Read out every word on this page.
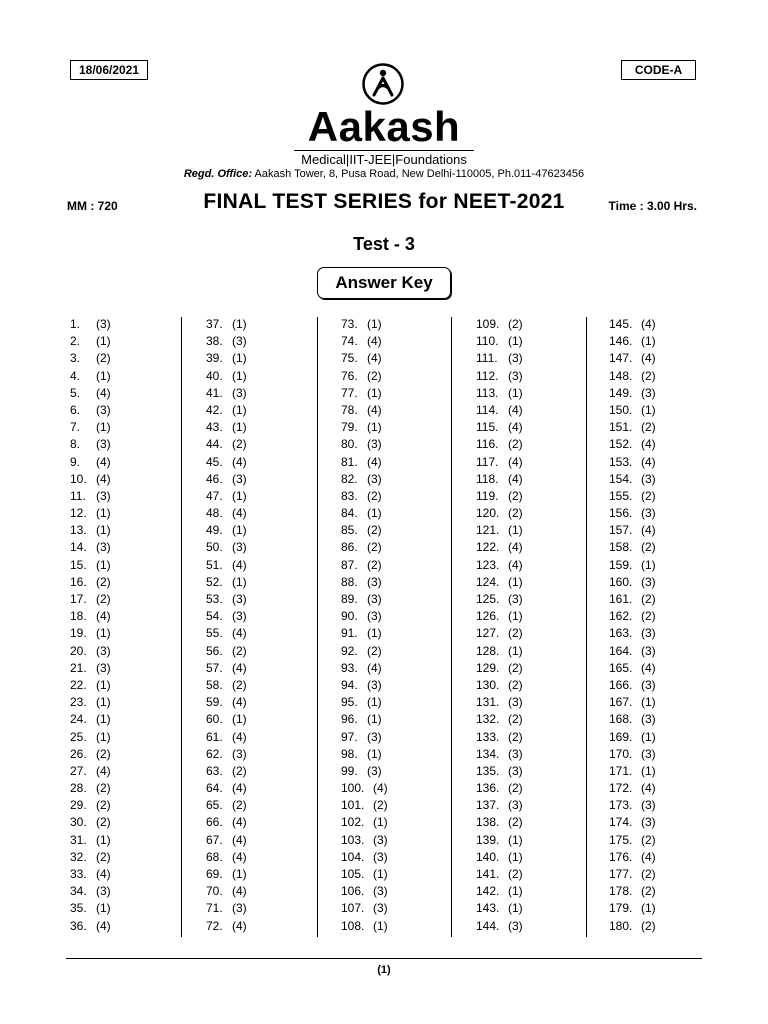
18/06/2021	CODE-A
Aakash
Medical|IIT-JEE|Foundations
Regd. Office: Aakash Tower, 8, Pusa Road, New Delhi-110005, Ph.011-47623456
MM : 720	FINAL TEST SERIES for NEET-2021	Time : 3.00 Hrs.
Test - 3
Answer Key
1. (3)
2. (1)
3. (2)
4. (1)
5. (4)
6. (3)
7. (1)
8. (3)
9. (4)
10. (4)
11. (3)
12. (1)
13. (1)
14. (3)
15. (1)
16. (2)
17. (2)
18. (4)
19. (1)
20. (3)
21. (3)
22. (1)
23. (1)
24. (1)
25. (1)
26. (2)
27. (4)
28. (2)
29. (2)
30. (2)
31. (1)
32. (2)
33. (4)
34. (3)
35. (1)
36. (4)
37. (1)
38. (3)
39. (1)
40. (1)
41. (3)
42. (1)
43. (1)
44. (2)
45. (4)
46. (3)
47. (1)
48. (4)
49. (1)
50. (3)
51. (4)
52. (1)
53. (3)
54. (3)
55. (4)
56. (2)
57. (4)
58. (2)
59. (4)
60. (1)
61. (4)
62. (3)
63. (2)
64. (4)
65. (2)
66. (4)
67. (4)
68. (4)
69. (1)
70. (4)
71. (3)
72. (4)
73. (1)
74. (4)
75. (4)
76. (2)
77. (1)
78. (4)
79. (1)
80. (3)
81. (4)
82. (3)
83. (2)
84. (1)
85. (2)
86. (2)
87. (2)
88. (3)
89. (3)
90. (3)
91. (1)
92. (2)
93. (4)
94. (3)
95. (1)
96. (1)
97. (3)
98. (1)
99. (3)
100. (4)
101. (2)
102. (1)
103. (3)
104. (3)
105. (1)
106. (3)
107. (3)
108. (1)
109. (2)
110. (1)
111. (3)
112. (3)
113. (1)
114. (4)
115. (4)
116. (2)
117. (4)
118. (4)
119. (2)
120. (2)
121. (1)
122. (4)
123. (4)
124. (1)
125. (3)
126. (1)
127. (2)
128. (1)
129. (2)
130. (2)
131. (3)
132. (2)
133. (2)
134. (3)
135. (3)
136. (2)
137. (3)
138. (2)
139. (1)
140. (1)
141. (2)
142. (1)
143. (1)
144. (3)
145. (4)
146. (1)
147. (4)
148. (2)
149. (3)
150. (1)
151. (2)
152. (4)
153. (4)
154. (3)
155. (2)
156. (3)
157. (4)
158. (2)
159. (1)
160. (3)
161. (2)
162. (2)
163. (3)
164. (3)
165. (4)
166. (3)
167. (1)
168. (3)
169. (1)
170. (3)
171. (1)
172. (4)
173. (3)
174. (3)
175. (2)
176. (4)
177. (2)
178. (2)
179. (1)
180. (2)
(1)
